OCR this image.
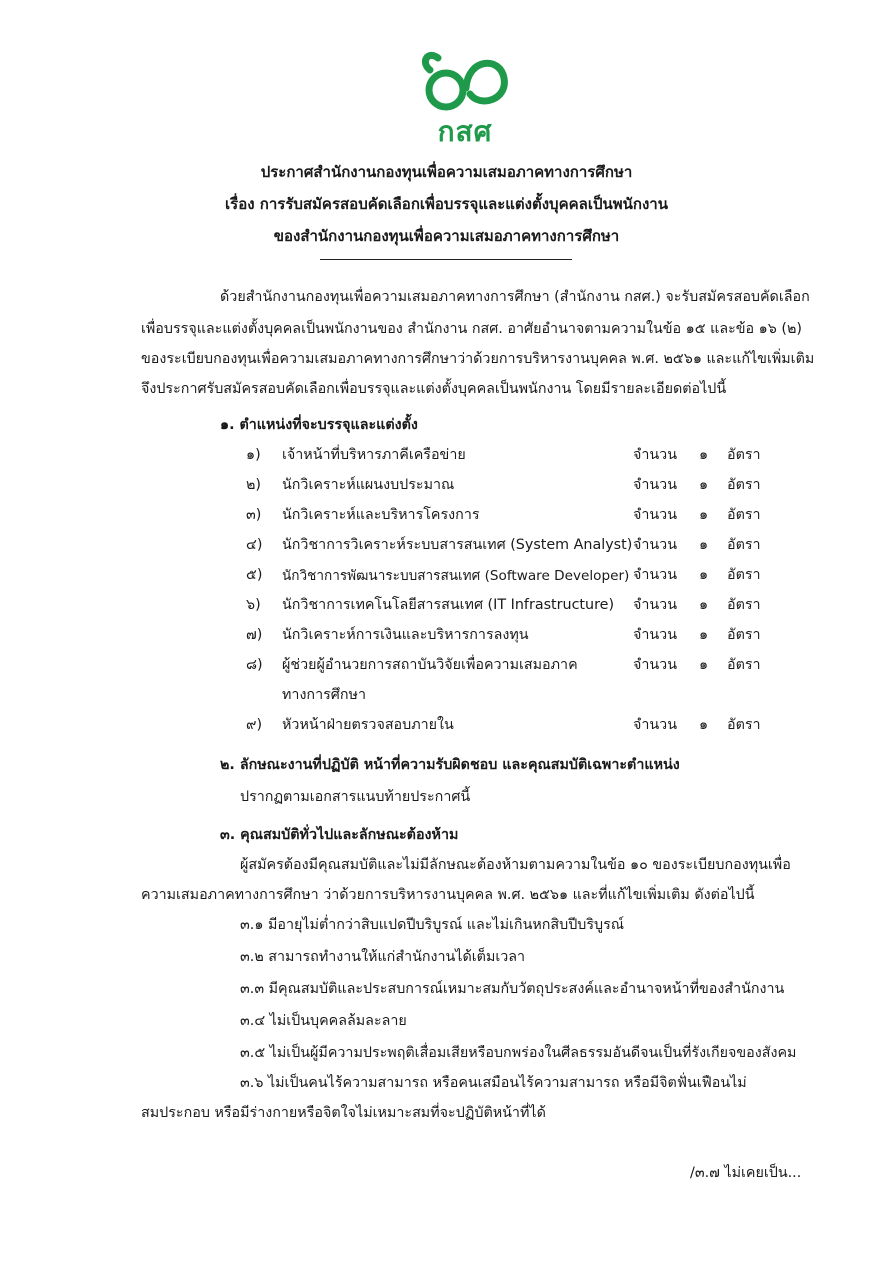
กสศ
ประกาศสำนักงานกองทุนเพื่อความเสมอภาคทางการศึกษา
เรื่อง การรับสมัครสอบคัดเลือกเพื่อบรรจุและแต่งตั้งบุคคลเป็นพนักงาน
ของสำนักงานกองทุนเพื่อความเสมอภาคทางการศึกษา
ด้วยสำนักงานกองทุนเพื่อความเสมอภาคทางการศึกษา (สำนักงาน กสศ.) จะรับสมัครสอบคัดเลือก
เพื่อบรรจุและแต่งตั้งบุคคลเป็นพนักงานของ สำนักงาน กสศ. อาศัยอำนาจตามความในข้อ ๑๕ และข้อ ๑๖ (๒)
ของระเบียบกองทุนเพื่อความเสมอภาคทางการศึกษาว่าด้วยการบริหารงานบุคคล พ.ศ. ๒๕๖๑ และแก้ไขเพิ่มเติม
จึงประกาศรับสมัครสอบคัดเลือกเพื่อบรรจุและแต่งตั้งบุคคลเป็นพนักงาน โดยมีรายละเอียดต่อไปนี้
๑. ตำแหน่งที่จะบรรจุและแต่งตั้ง
๑) เจ้าหน้าที่บริหารภาคีเครือข่าย	จำนวน ๑ อัตรา
๒) นักวิเคราะห์แผนงบประมาณ	จำนวน ๑ อัตรา
๓) นักวิเคราะห์และบริหารโครงการ	จำนวน ๑ อัตรา
๔) นักวิชาการวิเคราะห์ระบบสารสนเทศ (System Analyst) จำนวน ๑ อัตรา
๕) นักวิชาการพัฒนาระบบสารสนเทศ (Software Developer) จำนวน ๑ อัตรา
๖) นักวิชาการเทคโนโลยีสารสนเทศ (IT Infrastructure) จำนวน ๑ อัตรา
๗) นักวิเคราะห์การเงินและบริหารการลงทุน	จำนวน ๑ อัตรา
๘) ผู้ช่วยผู้อำนวยการสถาบันวิจัยเพื่อความเสมอภาค
ทางการศึกษา
จำนวน ๑ อัตรา
๙) หัวหน้าฝ่ายตรวจสอบภายใน	จำนวน ๑ อัตรา
๒. ลักษณะงานที่ปฏิบัติ หน้าที่ความรับผิดชอบ และคุณสมบัติเฉพาะตำแหน่ง
ปรากฏตามเอกสารแนบท้ายประกาศนี้
๓. คุณสมบัติทั่วไปและลักษณะต้องห้าม
ผู้สมัครต้องมีคุณสมบัติและไม่มีลักษณะต้องห้ามตามความในข้อ ๑๐ ของระเบียบกองทุนเพื่อ
ความเสมอภาคทางการศึกษา ว่าด้วยการบริหารงานบุคคล พ.ศ. ๒๕๖๑ และที่แก้ไขเพิ่มเติม ดังต่อไปนี้
๓.๑ มีอายุไม่ต่ำกว่าสิบแปดปีบริบูรณ์ และไม่เกินหกสิบปีบริบูรณ์
๓.๒ สามารถทำงานให้แก่สำนักงานได้เต็มเวลา
๓.๓ มีคุณสมบัติและประสบการณ์เหมาะสมกับวัตถุประสงค์และอำนาจหน้าที่ของสำนักงาน
๓.๔ ไม่เป็นบุคคลล้มละลาย
๓.๕ ไม่เป็นผู้มีความประพฤติเสื่อมเสียหรือบกพร่องในศีลธรรมอันดีจนเป็นที่รังเกียจของสังคม
๓.๖ ไม่เป็นคนไร้ความสามารถ หรือคนเสมือนไร้ความสามารถ หรือมีจิตฟั่นเฟือนไม่
สมประกอบ หรือมีร่างกายหรือจิตใจไม่เหมาะสมที่จะปฏิบัติหน้าที่ได้
/๓.๗ ไม่เคยเป็น...
